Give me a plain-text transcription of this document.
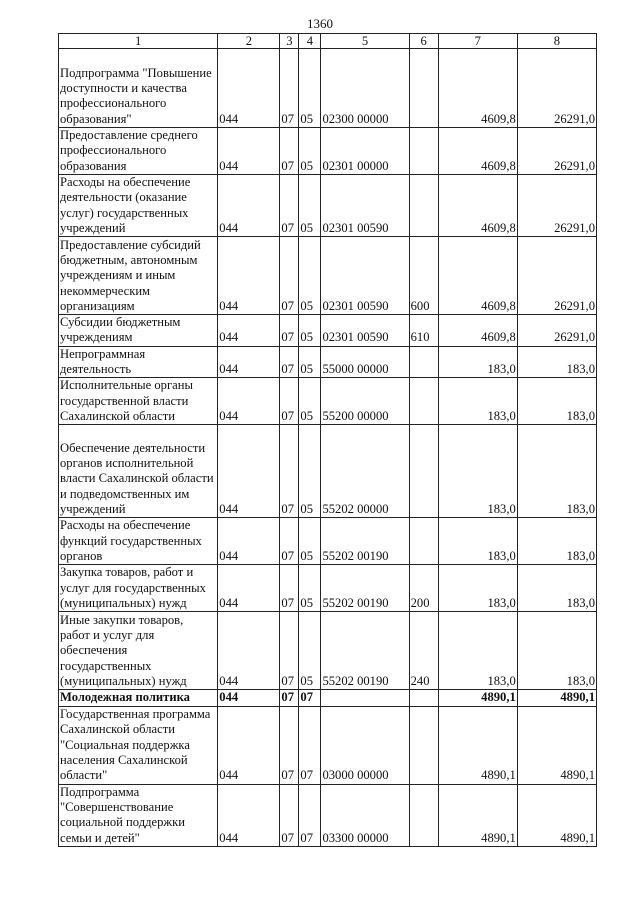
1360
1	2	3	4	5	6	7	8
Подпрограмма "Повышение доступности и качества профессионального образования"	044	07	05	02300 00000		4609,8	26291,0
Предоставление среднего профессионального образования	044	07	05	02301 00000		4609,8	26291,0
Расходы на обеспечение деятельности (оказание услуг) государственных учреждений	044	07	05	02301 00590		4609,8	26291,0
Предоставление субсидий бюджетным, автономным учреждениям и иным некоммерческим организациям	044	07	05	02301 00590	600	4609,8	26291,0
Субсидии бюджетным учреждениям	044	07	05	02301 00590	610	4609,8	26291,0
Непрограммная деятельность	044	07	05	55000 00000		183,0	183,0
Исполнительные органы государственной власти Сахалинской области	044	07	05	55200 00000		183,0	183,0
Обеспечение деятельности органов исполнительной власти Сахалинской области и подведомственных им учреждений	044	07	05	55202 00000		183,0	183,0
Расходы на обеспечение функций государственных органов	044	07	05	55202 00190		183,0	183,0
Закупка товаров, работ и услуг для государственных (муниципальных) нужд	044	07	05	55202 00190	200	183,0	183,0
Иные закупки товаров, работ и услуг для обеспечения государственных (муниципальных) нужд	044	07	05	55202 00190	240	183,0	183,0
Молодежная политика	044	07	07			4890,1	4890,1
Государственная программа Сахалинской области "Социальная поддержка населения Сахалинской области"	044	07	07	03000 00000		4890,1	4890,1
Подпрограмма "Совершенствование социальной поддержки семьи и детей"	044	07	07	03300 00000		4890,1	4890,1
